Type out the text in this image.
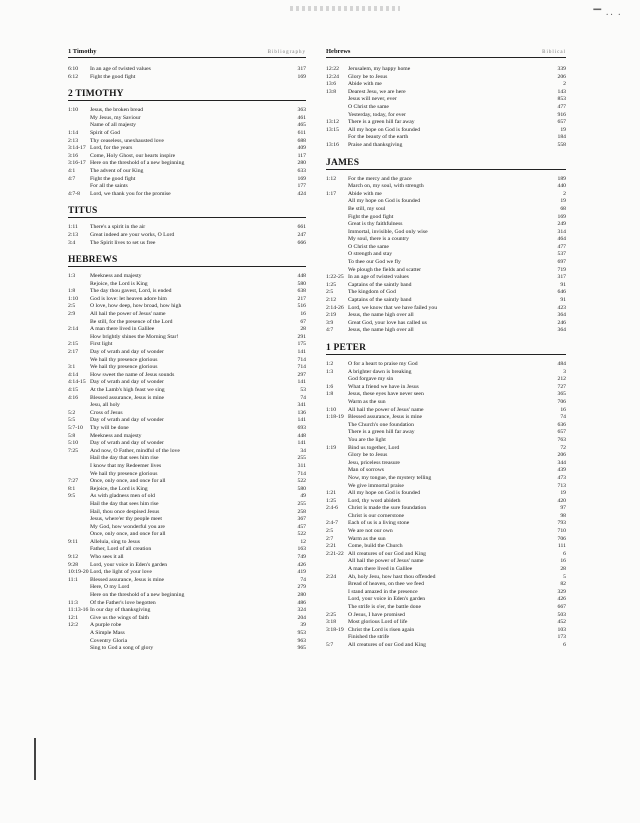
▔ ·· ·
1 Timothy	Bibliography
6:10 In an age of twisted values	317
6:12 Fight the good fight	169
2 TIMOTHY
1:10 Jesus, the broken bread	363
My Jesus, my Saviour	461
Name of all majesty	465
1:14 Spirit of God	611
2:13 Thy ceaseless, unexhausted love	688
3:14-17 Lord, for the years	409
3:16 Come, Holy Ghost, our hearts inspire	117
3:16-17 Here on the threshold of a new beginning	280
4:1	The advent of our King	633
4:7	Fight the good fight	169
For all the saints	177
4:7-8 Lord, we thank you for the promise	424
TITUS
1:11 There's a spirit in the air	661
2:13 Great indeed are your works, O Lord	247
3:4	The Spirit lives to set us free	666
HEBREWS
1:3	Meekness and majesty	448
Rejoice, the Lord is King	580
1:8	The day thou gavest, Lord, is ended	638
1:10 God is love: let heaven adore him	217
2:5	O love, how deep, how broad, how high	516
2:9	All hail the power of Jesus' name	16
Be still, for the presence of the Lord	67
2:14 A man there lived in Galilee	28
How brightly shines the Morning Star!	291
2:15 First light	175
2:17 Day of wrath and day of wonder	141
We hail thy presence glorious	714
3:1	We hail thy presence glorious	714
4:14 How sweet the name of Jesus sounds	297
4:14-15 Day of wrath and day of wonder	141
4:15 At the Lamb's high feast we sing	53
4:16 Blessed assurance, Jesus is mine	74
Jesu, all holy	341
5:2	Cross of Jesus	136
5:5	Day of wrath and day of wonder	141
5:7-10 Thy will be done	693
5:8	Meekness and majesty	448
5:10 Day of wrath and day of wonder	141
7:25 And now, O Father, mindful of the love	34
Hail the day that sees him rise	255
I know that my Redeemer lives	311
We hail thy presence glorious	714
7:27 Once, only once, and once for all	522
8:1	Rejoice, the Lord is King	580
9:5	As with gladness men of old	49
Hail the day that sees him rise	255
Hail, thou once despised Jesus	258
Jesus, where'er thy people meet	367
My God, how wonderful you are	457
Once, only once, and once for all	522
9:11 Alleluia, sing to Jesus	12
Father, Lord of all creation	163
9:12 Who sees it all	749
9:28 Lord, your voice in Eden's garden	426
10:19-20 Lord, the light of your love	419
11:1 Blessed assurance, Jesus is mine	74
Here, O my Lord	279
Here on the threshold of a new beginning	280
11:3 Of the Father's love begotten	486
11:13-16 In our day of thanksgiving	324
12:1 Give us the wings of faith	204
12:2 A purple robe	39
A Simple Mass	953
Coventry Gloria	963
Sing to God a song of glory	965
Hebrews	Biblical
12:22 Jerusalem, my happy home	339
12:24 Glory be to Jesus	206
13:6 Abide with me	2
13:8 Dearest Jesu, we are here	143
Jesus will never, ever	853
O Christ the same	477
Yesterday, today, for ever	916
13:12 There is a green hill far away	657
13:15 All my hope on God is founded	19
For the beauty of the earth	184
13:16 Praise and thanksgiving	558
JAMES
1:12 For the mercy and the grace	189
March on, my soul, with strength	440
1:17 Abide with me	2
All my hope on God is founded	19
Be still, my soul	68
Fight the good fight	169
Great is thy faithfulness	249
Immortal, invisible, God only wise	314
My soul, there is a country	464
O Christ the same	477
O strength and stay	537
To thee our God we fly	697
We plough the fields and scatter	719
1:22-25 In an age of twisted values	317
1:25 Captains of the saintly band	91
2:5	The kingdom of God	646
2:12 Captains of the saintly band	91
2:14-26 Lord, we know that we have failed you	423
2:19 Jesus, the name high over all	364
3:9	Great God, your love has called us	246
4:7	Jesus, the name high over all	364
1 PETER
1:2	O for a heart to praise my God	484
1:3	A brighter dawn is breaking	3
God forgave my sin	212
1:6	What a friend we have in Jesus	727
1:8	Jesus, these eyes have never seen	365
Warm as the sun	706
1:10 All hail the power of Jesus' name	16
1:18-19 Blessed assurance, Jesus is mine	74
The Church's one foundation	636
There is a green hill far away	657
You are the light	763
1:19 Bind us together, Lord	72
Glory be to Jesus	206
Jesu, priceless treasure	344
Man of sorrows	439
Now, my tongue, the mystery telling	473
We give immortal praise	713
1:21 All my hope on God is founded	19
1:25 Lord, thy word abideth	420
2:4-6 Christ is made the sure foundation	97
Christ is our cornerstone	98
2:4-7 Each of us is a living stone	793
2:5	We are not our own	710
2:7	Warm as the sun	706
2:21 Come, build the Church	111
2:21-22 All creatures of our God and King	6
All hail the power of Jesus' name	16
A man there lived in Galilee	28
2:24 Ah, holy Jesu, how hast thou offended	5
Bread of heaven, on thee we feed	82
I stand amazed in the presence	329
Lord, your voice in Eden's garden	426
The strife is o'er, the battle done	667
2:25 O Jesus, I have promised	503
3:18 Most glorious Lord of life	452
3:18-19 Christ the Lord is risen again	103
Finished the strife	173
5:7	All creatures of our God and King	6
